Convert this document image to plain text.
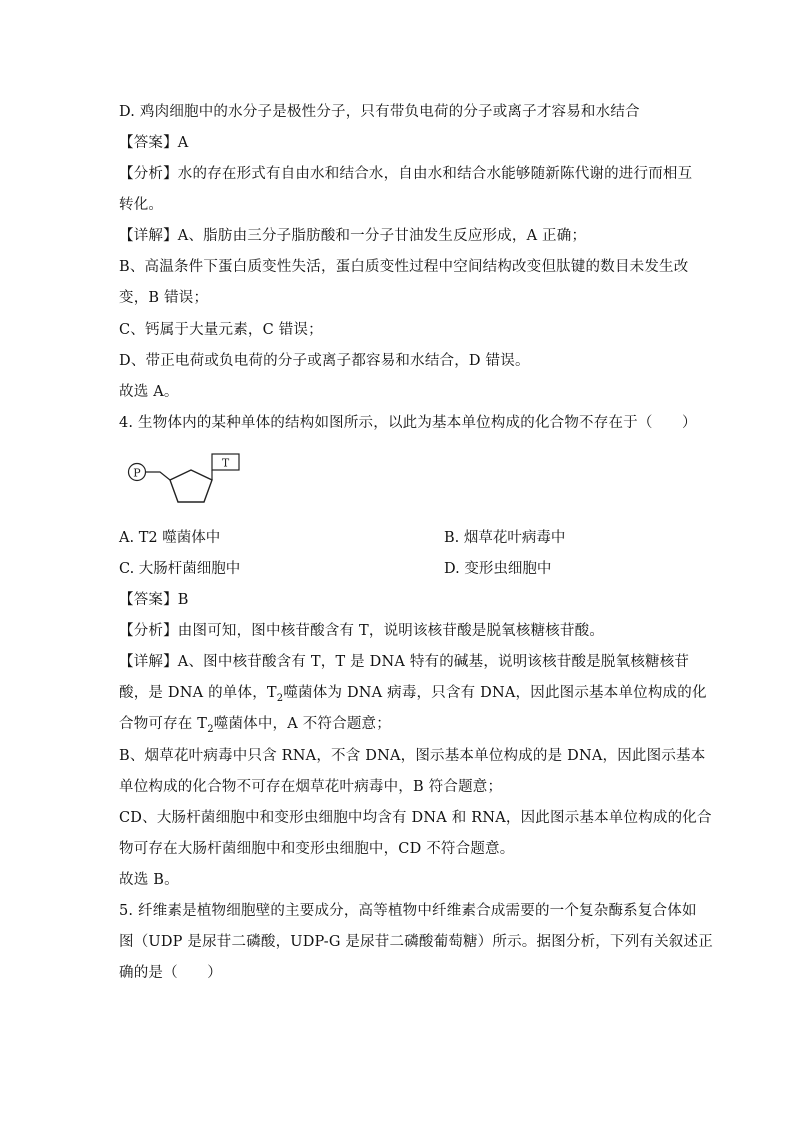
D. 鸡肉细胞中的水分子是极性分子，只有带负电荷的分子或离子才容易和水结合
【答案】A
【分析】水的存在形式有自由水和结合水，自由水和结合水能够随新陈代谢的进行而相互
转化。
【详解】A、脂肪由三分子脂肪酸和一分子甘油发生反应形成，A 正确；
B、高温条件下蛋白质变性失活，蛋白质变性过程中空间结构改变但肽键的数目未发生改
变，B 错误；
C、钙属于大量元素，C 错误；
D、带正电荷或负电荷的分子或离子都容易和水结合，D 错误。
故选 A。
4. 生物体内的某种单体的结构如图所示，以此为基本单位构成的化合物不存在于（　　）
P
T
A. T2 噬菌体中	B. 烟草花叶病毒中
C. 大肠杆菌细胞中	D. 变形虫细胞中
【答案】B
【分析】由图可知，图中核苷酸含有 T，说明该核苷酸是脱氧核糖核苷酸。
【详解】A、图中核苷酸含有 T，T 是 DNA 特有的碱基，说明该核苷酸是脱氧核糖核苷
酸，是 DNA 的单体，$T_2$噬菌体为 DNA 病毒，只含有 DNA，因此图示基本单位构成的化
合物可存在 $T_2$噬菌体中，A 不符合题意；
B、烟草花叶病毒中只含 RNA，不含 DNA，图示基本单位构成的是 DNA，因此图示基本
单位构成的化合物不可存在烟草花叶病毒中，B 符合题意；
CD、大肠杆菌细胞中和变形虫细胞中均含有 DNA 和 RNA，因此图示基本单位构成的化合
物可存在大肠杆菌细胞中和变形虫细胞中，CD 不符合题意。
故选 B。
5. 纤维素是植物细胞壁的主要成分，高等植物中纤维素合成需要的一个复杂酶系复合体如
图（UDP 是尿苷二磷酸，UDP-G 是尿苷二磷酸葡萄糖）所示。据图分析，下列有关叙述正
确的是（　　）
